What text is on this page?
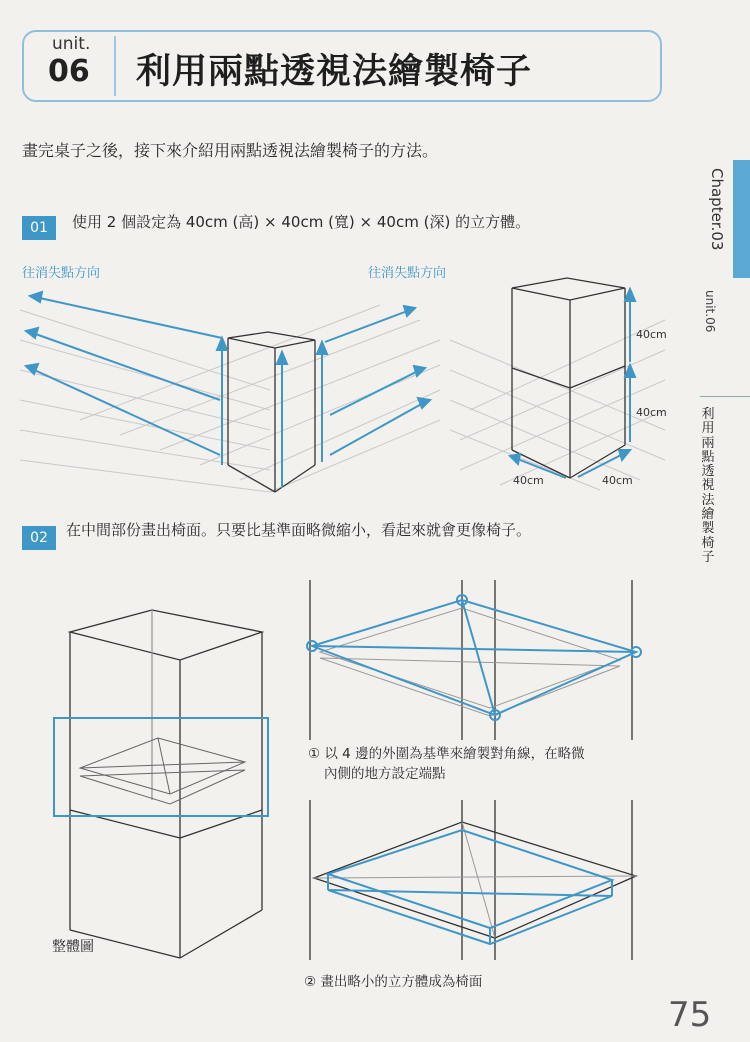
unit.
06 利用兩點透視法繪製椅子
畫完桌子之後，接下來介紹用兩點透視法繪製椅子的方法。
01	使用 2 個設定為 40cm (高) × 40cm (寬) × 40cm (深) 的立方體。
往消失點方向	往消失點方向
40cm
40cm
40cm	40cm
02	在中間部份畫出椅面。只要比基準面略微縮小，看起來就會更像椅子。
整體圖
① 以 4 邊的外圍為基準來繪製對角線，在略微
內側的地方設定端點
② 畫出略小的立方體成為椅面
Chapter.03
unit.06
利用兩點透視法繪製椅子
75
